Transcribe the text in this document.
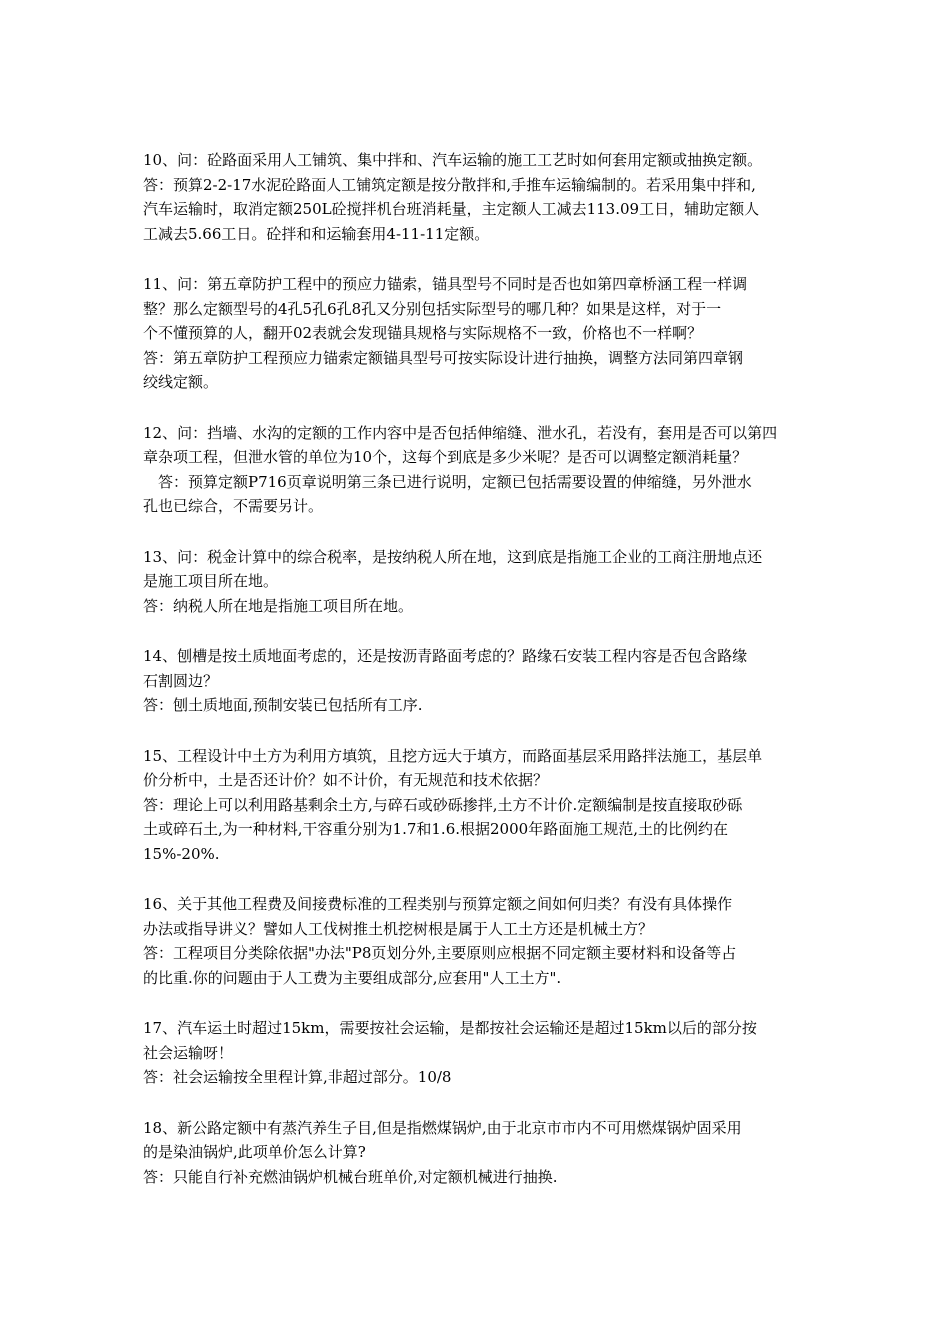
10、问：砼路面采用人工铺筑、集中拌和、汽车运输的施工工艺时如何套用定额或抽换定额。
答：预算2-2-17水泥砼路面人工铺筑定额是按分散拌和,手推车运输编制的。若采用集中拌和,
汽车运输时，取消定额250L砼搅拌机台班消耗量，主定额人工减去113.09工日，辅助定额人
工减去5.66工日。砼拌和和运输套用4-11-11定额。
11、问：第五章防护工程中的预应力锚索，锚具型号不同时是否也如第四章桥涵工程一样调
整？那么定额型号的4孔5孔6孔8孔又分别包括实际型号的哪几种？如果是这样，对于一
个不懂预算的人，翻开02表就会发现锚具规格与实际规格不一致，价格也不一样啊？
答：第五章防护工程预应力锚索定额锚具型号可按实际设计进行抽换，调整方法同第四章钢
绞线定额。
12、问：挡墙、水沟的定额的工作内容中是否包括伸缩缝、泄水孔，若没有，套用是否可以第四
章杂项工程，但泄水管的单位为10个，这每个到底是多少米呢？是否可以调整定额消耗量？
答：预算定额P716页章说明第三条已进行说明，定额已包括需要设置的伸缩缝，另外泄水
孔也已综合，不需要另计。
13、问：税金计算中的综合税率，是按纳税人所在地，这到底是指施工企业的工商注册地点还
是施工项目所在地。
答：纳税人所在地是指施工项目所在地。
14、刨槽是按土质地面考虑的，还是按沥青路面考虑的？路缘石安装工程内容是否包含路缘
石割圆边？
答：刨土质地面,预制安装已包括所有工序.
15、工程设计中土方为利用方填筑，且挖方远大于填方，而路面基层采用路拌法施工，基层单
价分析中，土是否还计价？如不计价，有无规范和技术依据？
答：理论上可以利用路基剩余土方,与碎石或砂砾掺拌,土方不计价.定额编制是按直接取砂砾
土或碎石土,为一种材料,干容重分别为1.7和1.6.根据2000年路面施工规范,土的比例约在
15%-20%.
16、关于其他工程费及间接费标准的工程类别与预算定额之间如何归类？有没有具体操作
办法或指导讲义？譬如人工伐树推土机挖树根是属于人工土方还是机械土方？
答：工程项目分类除依据"办法"P8页划分外,主要原则应根据不同定额主要材料和设备等占
的比重.你的问题由于人工费为主要组成部分,应套用"人工土方".
17、汽车运土时超过15km，需要按社会运输，是都按社会运输还是超过15km以后的部分按
社会运输呀！
答：社会运输按全里程计算,非超过部分。10/8
18、新公路定额中有蒸汽养生子目,但是指燃煤锅炉,由于北京市市内不可用燃煤锅炉固采用
的是染油锅炉,此项单价怎么计算?
答：只能自行补充燃油锅炉机械台班单价,对定额机械进行抽换.
